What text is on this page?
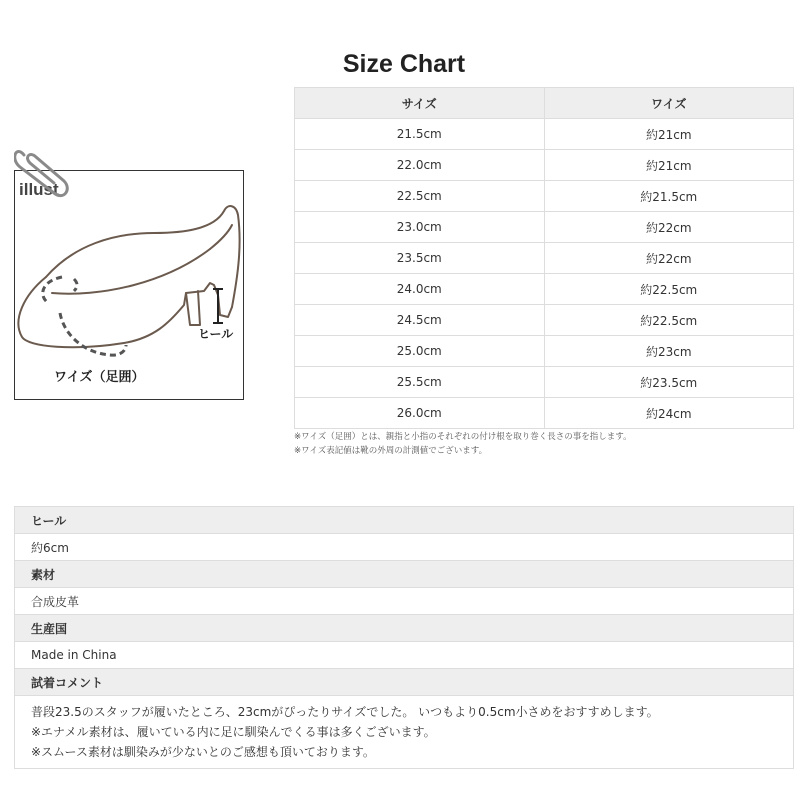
Size Chart
サイズ	ワイズ
21.5cm	約21cm
22.0cm	約21cm
22.5cm	約21.5cm
23.0cm	約22cm
23.5cm	約22cm
24.0cm	約22.5cm
24.5cm	約22.5cm
25.0cm	約23cm
25.5cm	約23.5cm
26.0cm	約24cm
※ワイズ（足囲）とは、親指と小指のそれぞれの付け根を取り巻く長さの事を指します。
※ワイズ表記値は靴の外周の計測値でございます。
illust
ヒール
ワイズ（足囲）
ヒール

約6cm

素材

合成皮革

生産国

Made in China

試着コメント

普段23.5のスタッフが履いたところ、23cmがぴったりサイズでした。 いつもより0.5cm小さめをおすすめします。
※エナメル素材は、履いている内に足に馴染んでくる事は多くございます。
※スムース素材は馴染みが少ないとのご感想も頂いております。
